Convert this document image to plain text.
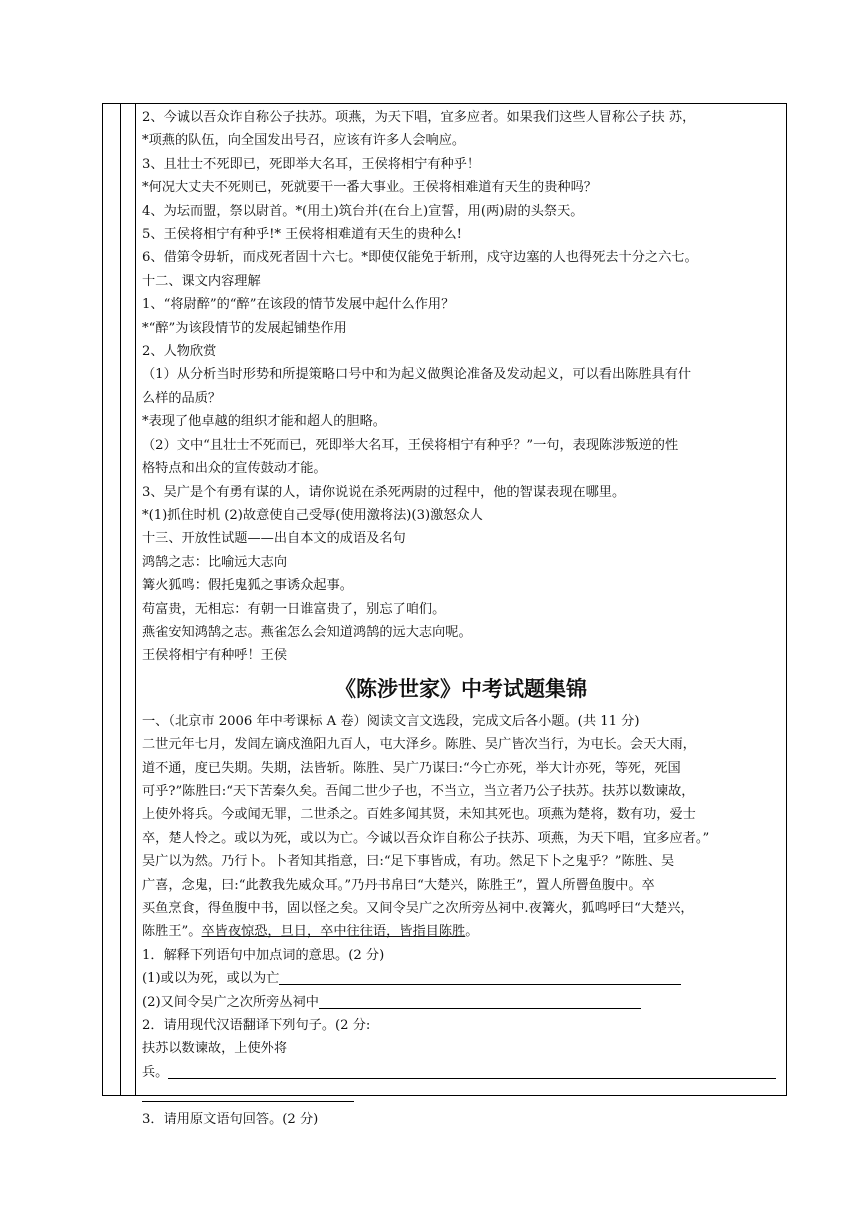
2、今诚以吾众诈自称公子扶苏。项燕，为天下唱，宜多应者。如果我们这些人冒称公子扶 苏，
*项燕的队伍，向全国发出号召，应该有许多人会响应。
3、且壮士不死即已，死即举大名耳，王侯将相宁有种乎！
*何况大丈夫不死则已，死就要干一番大事业。王侯将相难道有天生的贵种吗？
4、为坛而盟，祭以尉首。*(用土)筑台并(在台上)宣誓，用(两)尉的头祭天。
5、王侯将相宁有种乎!* 王侯将相难道有天生的贵种么!
6、借第令毋斩，而戍死者固十六七。*即使仅能免于斩刑，戍守边塞的人也得死去十分之六七。
十二、课文内容理解
1、“将尉醉”的“醉”在该段的情节发展中起什么作用？
*“醉”为该段情节的发展起铺垫作用
2、人物欣赏
（1）从分析当时形势和所提策略口号中和为起义做舆论准备及发动起义，可以看出陈胜具有什
么样的品质？
*表现了他卓越的组织才能和超人的胆略。
（2）文中“且壮士不死而已，死即举大名耳，王侯将相宁有种乎？”一句，表现陈涉叛逆的性
格特点和出众的宣传鼓动才能。
3、吴广是个有勇有谋的人，请你说说在杀死两尉的过程中，他的智谋表现在哪里。
*(1)抓住时机 (2)故意使自己受辱(使用激将法)(3)激怒众人
十三、开放性试题——出自本文的成语及名句
鸿鹄之志：比喻远大志向
篝火狐鸣：假托鬼狐之事诱众起事。
苟富贵，无相忘：有朝一日谁富贵了，别忘了咱们。
燕雀安知鸿鹄之志。燕雀怎么会知道鸿鹄的远大志向呢。
王侯将相宁有种呼！王侯
《陈涉世家》中考试题集锦
一、（北京市 2006 年中考课标 A 卷）阅读文言文选段，完成文后各小题。(共 11 分)
二世元年七月，发闾左谪戍渔阳九百人，屯大泽乡。陈胜、吴广皆次当行，为屯长。会天大雨，
道不通，度已失期。失期，法皆斩。陈胜、吴广乃谋曰:“今亡亦死，举大计亦死，等死，死国
可乎?”陈胜曰:“天下苦秦久矣。吾闻二世少子也，不当立，当立者乃公子扶苏。扶苏以数谏故，
上使外将兵。今或闻无罪，二世杀之。百姓多闻其贤，未知其死也。项燕为楚将，数有功，爱士
卒，楚人怜之。或以为死，或以为亡。今诚以吾众诈自称公子扶苏、项燕，为天下唱，宜多应者。”
吴广以为然。乃行卜。卜者知其指意，曰:“足下事皆成，有功。然足下卜之鬼乎？”陈胜、吴
广喜，念鬼，曰:“此教我先威众耳。”乃丹书帛曰“大楚兴，陈胜王”，置人所罾鱼腹中。卒
买鱼烹食，得鱼腹中书，固以怪之矣。又间令吴广之次所旁丛祠中.夜篝火，狐鸣呼曰“大楚兴，
陈胜王”。卒皆夜惊恐，旦日，卒中往往语，皆指目陈胜。
1．解释下列语句中加点词的意思。(2 分)
(1)或以为死，或以为亡
(2)又间令吴广之次所旁丛祠中
2．请用现代汉语翻译下列句子。(2 分:
扶苏以数谏故，上使外将
兵。
3．请用原文语句回答。(2 分)
